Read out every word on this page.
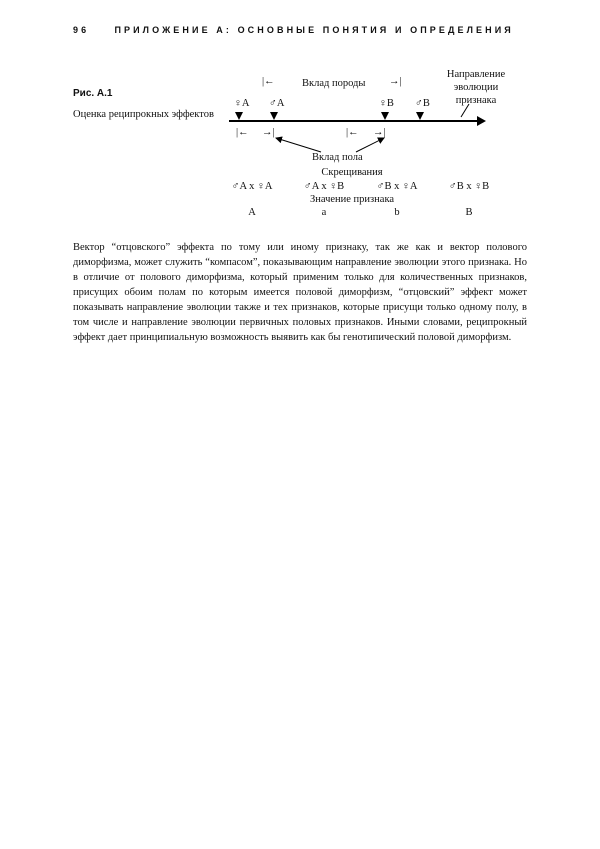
96	ПРИЛОЖЕНИЕ А: ОСНОВНЫЕ ПОНЯТИЯ И ОПРЕДЕЛЕНИЯ
Рис. А.1
Оценка реципрокных эффектов
|←	Вклад породы →|
Направление
эволюции
признака
♀A ♂A	♀B ♂B
|← →|	|← →|
Вклад пола
Скрещивания
♂A x ♀A	♂A x ♀B	♂B x ♀A	♂B x ♀B
Значение признака
A	a	b	B
Вектор “отцовского” эффекта по тому или иному признаку, так же как и вектор полового диморфизма, может служить “компасом”, показывающим направление эволюции этого признака. Но в отличие от полового диморфизма, который применим только для количественных признаков, присущих обоим полам по которым имеется половой диморфизм, “отцовский” эффект может показывать направление эволюции также и тех признаков, которые присущи только одному полу, в том числе и направление эволюции первичных половых признаков. Иными словами, реципрокный эффект дает принципиальную возможность выявить как бы генотипический половой диморфизм.
